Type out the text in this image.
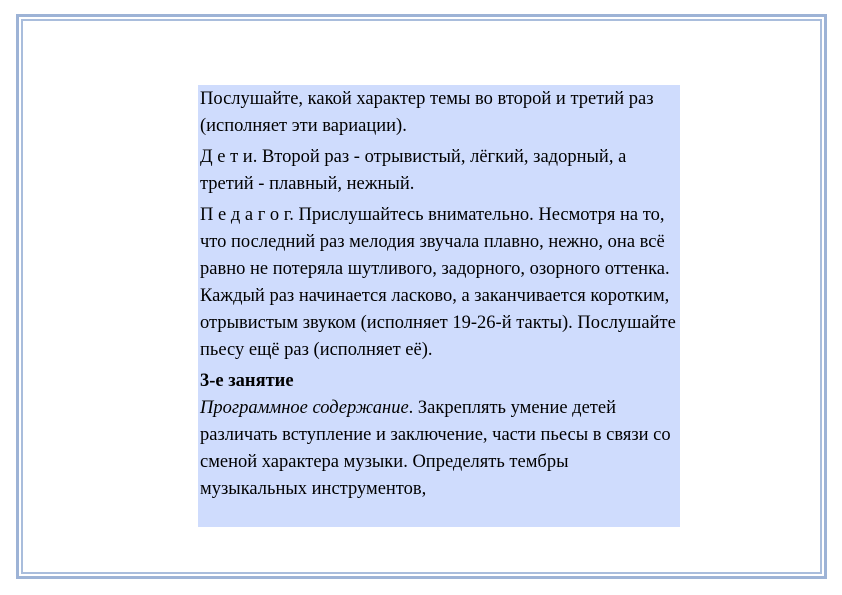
Послушайте, какой характер темы во второй и третий раз (исполняет эти вариации).

Д е т и. Второй раз - отрывистый, лёгкий, задорный, а третий - плавный, нежный.

П е д а г о г. Прислушайтесь внимательно. Несмотря на то, что последний раз мелодия звучала плавно, нежно, она всё равно не потеряла шутливого, задорного, озорного оттенка. Каждый раз начинается ласково, а заканчивается коротким, отрывистым звуком (исполняет 19-26-й такты). Послушайте пьесу ещё раз (исполняет её).

3-е занятие

Программное содержание. Закреплять умение детей различать вступление и заключение, части пьесы в связи со сменой характера музыки. Определять тембры музыкальных инструментов,
